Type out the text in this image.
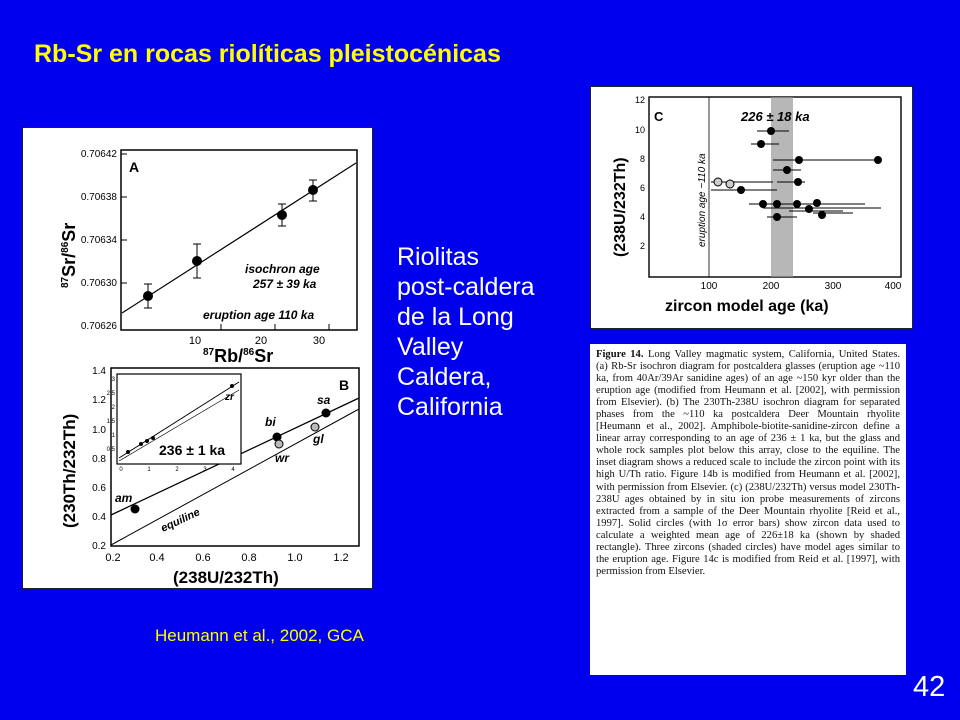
Rb-Sr en rocas riolíticas pleistocénicas
A
0.70642
0.70638
0.70634
0.70630
0.70626
10	20	30
$^{87}$Sr/$^{86}$Sr
$^{87}$Rb/$^{86}$Sr
isochron age
257 ± 39 ka
eruption age 110 ka
B
1.4
1.2
1.0
0.8
0.6
0.4
0.2
0.2	0.4	0.6	0.8	1.0	1.2
(230Th/232Th)
(238U/232Th)
equiline
am
bi
wr
sa
gl
3
2.5
2
1.5
1
0.5
0	1	2	3	4
zr
236 ± 1 ka
C	226 ± 18 ka
eruption age ~110 ka
12
10
8
6
4
2
100	200	300	400
(238U/232Th)
zircon model age (ka)
Riolitas
post-caldera
de la Long
Valley
Caldera,
California
Figure 14. Long Valley magmatic system, California, United States. (a) Rb-Sr isochron diagram for postcaldera glasses (eruption age ~110 ka, from 40Ar/39Ar sanidine ages) of an age ~150 kyr older than the eruption age (modified from Heumann et al. [2002], with permission from Elsevier). (b) The 230Th-238U isochron diagram for separated phases from the ~110 ka postcaldera Deer Mountain rhyolite [Heumann et al., 2002]. Amphibole-biotite-sanidine-zircon define a linear array corresponding to an age of 236 ± 1 ka, but the glass and whole rock samples plot below this array, close to the equiline. The inset diagram shows a reduced scale to include the zircon point with its high U/Th ratio. Figure 14b is modified from Heumann et al. [2002], with permission from Elsevier. (c) (238U/232Th) versus model 230Th-238U ages obtained by in situ ion probe measurements of zircons extracted from a sample of the Deer Mountain rhyolite [Reid et al., 1997]. Solid circles (with 1σ error bars) show zircon data used to calculate a weighted mean age of 226±18 ka (shown by shaded rectangle). Three zircons (shaded circles) have model ages similar to the eruption age. Figure 14c is modified from Reid et al. [1997], with permission from Elsevier.
Heumann et al., 2002, GCA
42
